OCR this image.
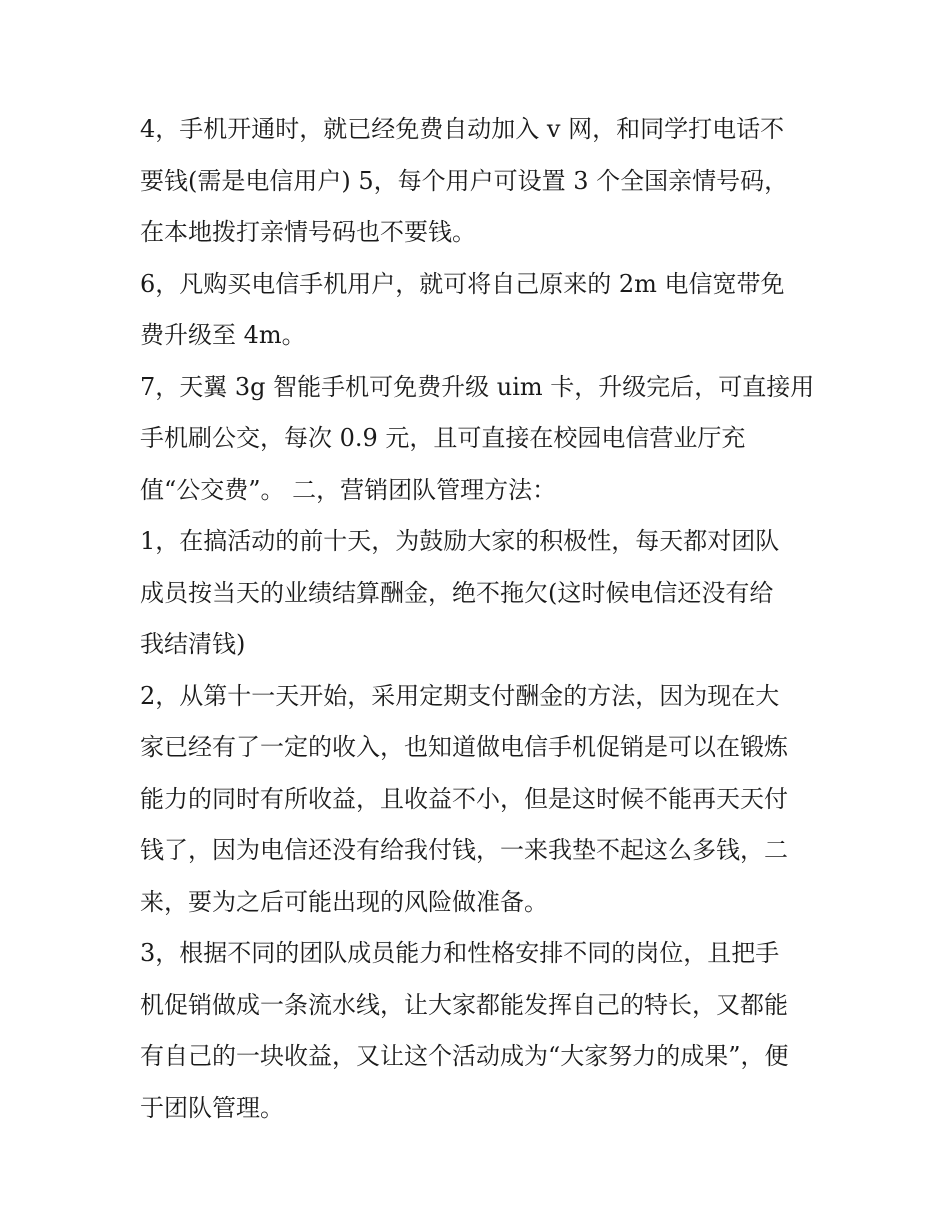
4，手机开通时，就已经免费自动加入 v 网，和同学打电话不
要钱(需是电信用户) 5，每个用户可设置 3 个全国亲情号码，
在本地拨打亲情号码也不要钱。
6，凡购买电信手机用户，就可将自己原来的 2m 电信宽带免
费升级至 4m。
7，天翼 3g 智能手机可免费升级 uim 卡，升级完后，可直接用
手机刷公交，每次 0.9 元，且可直接在校园电信营业厅充
值“公交费”。 二，营销团队管理方法：
1，在搞活动的前十天，为鼓励大家的积极性，每天都对团队
成员按当天的业绩结算酬金，绝不拖欠(这时候电信还没有给
我结清钱)
2，从第十一天开始，采用定期支付酬金的方法，因为现在大
家已经有了一定的收入，也知道做电信手机促销是可以在锻炼
能力的同时有所收益，且收益不小，但是这时候不能再天天付
钱了，因为电信还没有给我付钱，一来我垫不起这么多钱，二
来，要为之后可能出现的风险做准备。
3，根据不同的团队成员能力和性格安排不同的岗位，且把手
机促销做成一条流水线，让大家都能发挥自己的特长，又都能
有自己的一块收益，又让这个活动成为“大家努力的成果”，便
于团队管理。
